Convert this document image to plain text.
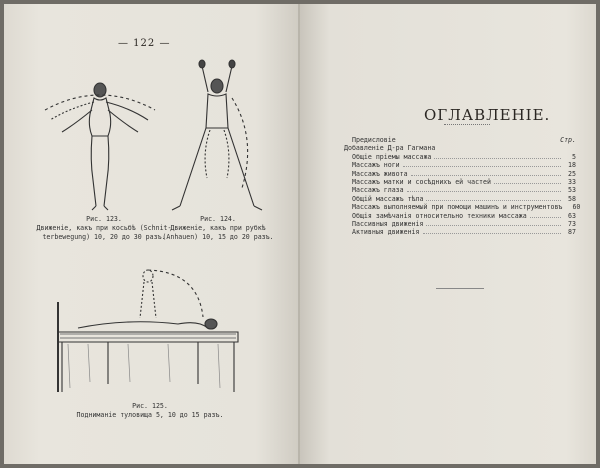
— 122 —
Рис. 123.
Движеніе, какъ при косьбѣ (Schnit-
terbewegung) 10, 20 до 30 разъ.
Рис. 124.
Движеніе, какъ при рубкѣ
(Anhauen) 10, 15 до 20 разъ.
Рис. 125.
Подниманіе туловища 5, 10 до 15 разъ.
ОГЛАВЛЕНІЕ.
Предисловіе	Стр.
Добавленіе Д-ра Гагмана
Общіе пріемы массажа	5
Массажъ ноги	18
Массажъ живота	25
Массажъ матки и сосѣднихъ ей частей	33
Массажъ глаза	53
Общій массажъ тѣла	58
Массажъ выполняемый при помощи машинъ и инструментовъ	60
Общія замѣчанія относительно техники массажа	63
Пассивныя движенія	73
Активныя движенія	87
